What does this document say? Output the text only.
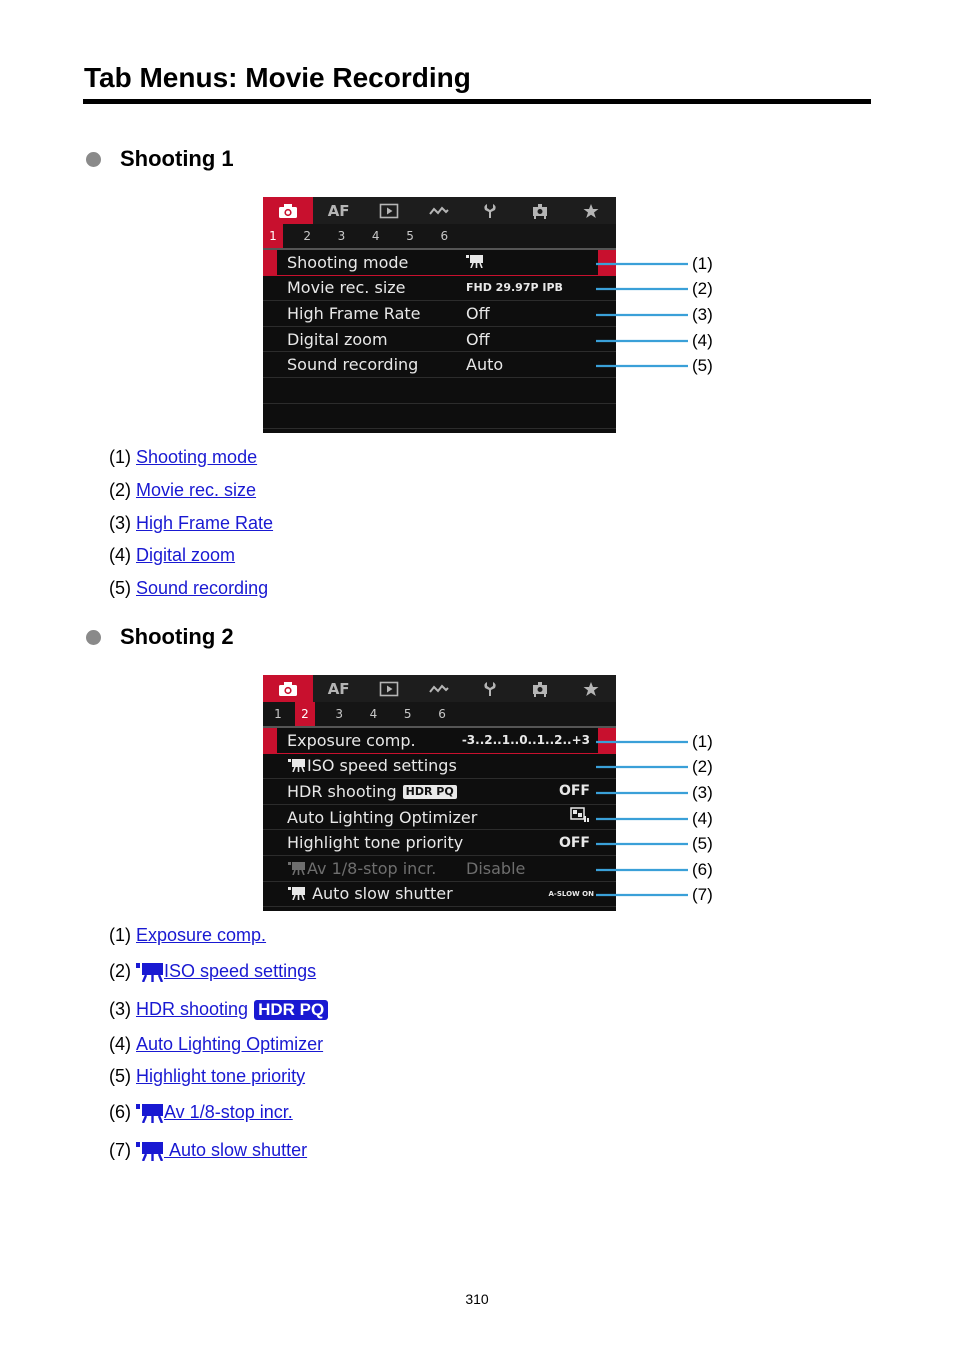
Tab Menus: Movie Recording
Shooting 1
AF
1	2	3	4	5	6
Shooting mode
Movie rec. size	FHD 29.97P IPB
High Frame Rate	Off
Digital zoom	Off
Sound recording	Auto
AF
1	2	3	4	5	6
Exposure comp.	-3..2..1..0..1..2..+3
ISO speed settings
HDR shooting HDR PQ	OFF
Auto Lighting Optimizer
Highlight tone priority	OFF
Av 1/8-stop incr. Disable
Auto slow shutter	A-SLOW ON
(1)
(2)
(3)
(4)
(5)
(1)
(2)
(3)
(4)
(5)
(6)
(7)
(1) Shooting mode
(2) Movie rec. size
(3) High Frame Rate
(4) Digital zoom
(5) Sound recording
Shooting 2
(1) Exposure comp.
(2) ISO speed settings
(3) HDR shooting HDR PQ
(4) Auto Lighting Optimizer
(5) Highlight tone priority
(6) Av 1/8-stop incr.
(7)
Auto slow shutter
310
